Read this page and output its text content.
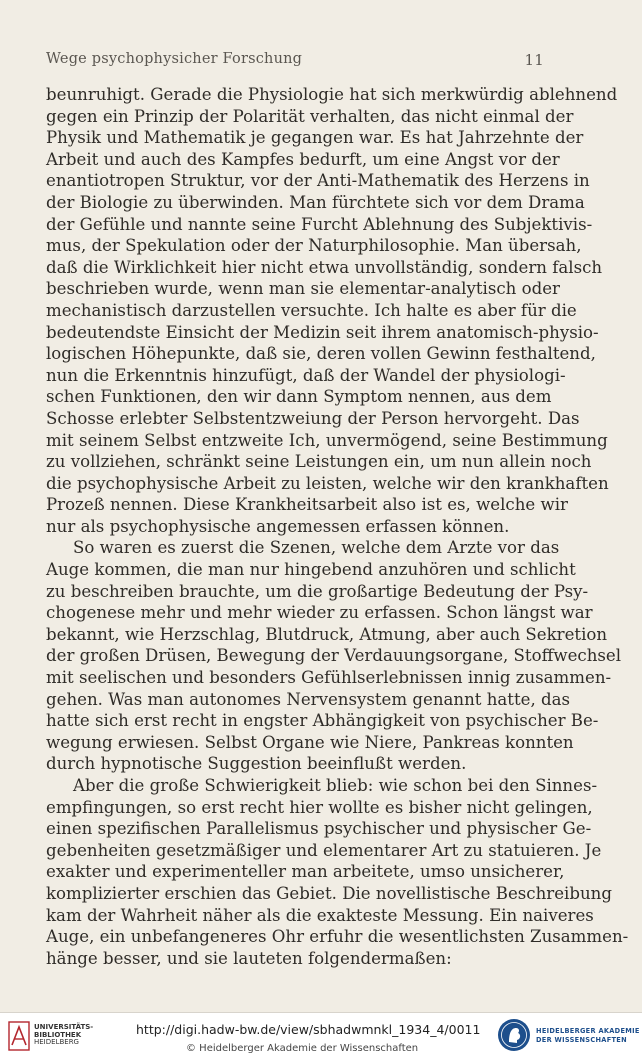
Wege psychophysicher Forschung	11
beunruhigt. Gerade die Physiologie hat sich merkwürdig ablehnend
gegen ein Prinzip der Polarität verhalten, das nicht einmal der
Physik und Mathematik je gegangen war. Es hat Jahrzehnte der
Arbeit und auch des Kampfes bedurft, um eine Angst vor der
enantiotropen Struktur, vor der Anti-Mathematik des Herzens in
der Biologie zu überwinden. Man fürchtete sich vor dem Drama
der Gefühle und nannte seine Furcht Ablehnung des Subjektivis-
mus, der Spekulation oder der Naturphilosophie. Man übersah,
daß die Wirklichkeit hier nicht etwa unvollständig, sondern falsch
beschrieben wurde, wenn man sie elementar-analytisch oder
mechanistisch darzustellen versuchte. Ich halte es aber für die
bedeutendste Einsicht der Medizin seit ihrem anatomisch-physio-
logischen Höhepunkte, daß sie, deren vollen Gewinn festhaltend,
nun die Erkenntnis hinzufügt, daß der Wandel der physiologi-
schen Funktionen, den wir dann Symptom nennen, aus dem
Schosse erlebter Selbstentzweiung der Person hervorgeht. Das
mit seinem Selbst entzweite Ich, unvermögend, seine Bestimmung
zu vollziehen, schränkt seine Leistungen ein, um nun allein noch
die psychophysische Arbeit zu leisten, welche wir den krankhaften
Prozeß nennen. Diese Krankheitsarbeit also ist es, welche wir
nur als psychophysische angemessen erfassen können.
So waren es zuerst die Szenen, welche dem Arzte vor das
Auge kommen, die man nur hingebend anzuhören und schlicht
zu beschreiben brauchte, um die großartige Bedeutung der Psy-
chogenese mehr und mehr wieder zu erfassen. Schon längst war
bekannt, wie Herzschlag, Blutdruck, Atmung, aber auch Sekretion
der großen Drüsen, Bewegung der Verdauungsorgane, Stoffwechsel
mit seelischen und besonders Gefühlserlebnissen innig zusammen-
gehen. Was man autonomes Nervensystem genannt hatte, das
hatte sich erst recht in engster Abhängigkeit von psychischer Be-
wegung erwiesen. Selbst Organe wie Niere, Pankreas konnten
durch hypnotische Suggestion beeinflußt werden.
Aber die große Schwierigkeit blieb: wie schon bei den Sinnes-
empfingungen, so erst recht hier wollte es bisher nicht gelingen,
einen spezifischen Parallelismus psychischer und physischer Ge-
gebenheiten gesetzmäßiger und elementarer Art zu statuieren. Je
exakter und experimenteller man arbeitete, umso unsicherer,
komplizierter erschien das Gebiet. Die novellistische Beschreibung
kam der Wahrheit näher als die exakteste Messung. Ein naiveres
Auge, ein unbefangeneres Ohr erfuhr die wesentlichsten Zusammen-
hänge besser, und sie lauteten folgendermaßen:
UNIVERSITÄTS-
BIBLIOTHEK
HEIDELBERG
http://digi.hadw-bw.de/view/sbhadwmnkl_1934_4/0011
© Heidelberger Akademie der Wissenschaften
HEIDELBERGER AKADEMIE
DER WISSENSCHAFTEN
